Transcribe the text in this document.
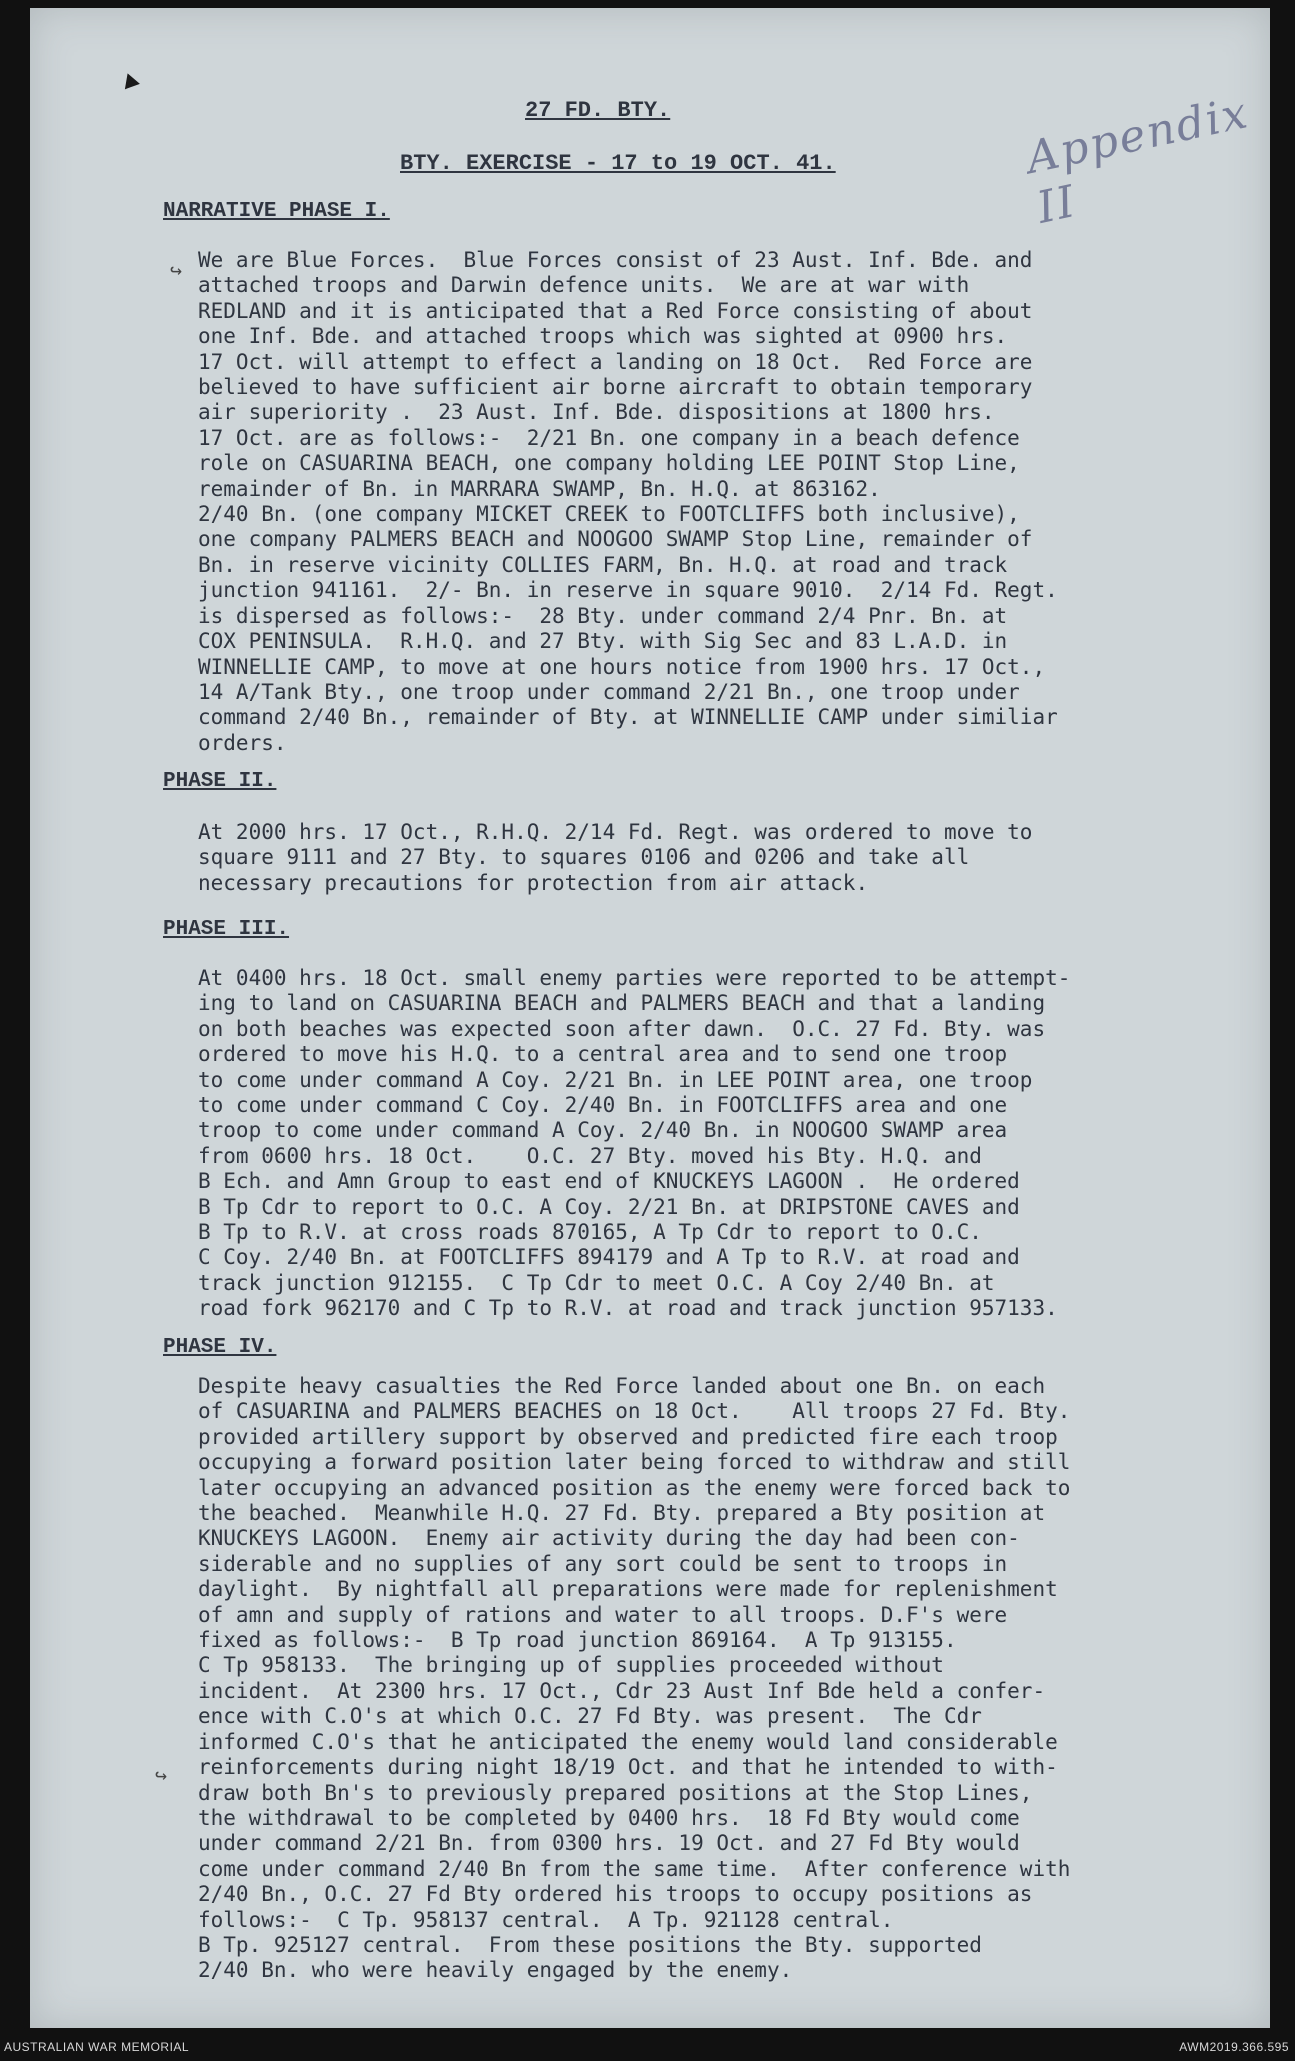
Appendix II
27 FD. BTY.
BTY. EXERCISE - 17 to 19 OCT. 41.
NARRATIVE PHASE I.
↪
We are Blue Forces.  Blue Forces consist of 23 Aust. Inf. Bde. and
attached troops and Darwin defence units.  We are at war with
REDLAND and it is anticipated that a Red Force consisting of about
one Inf. Bde. and attached troops which was sighted at 0900 hrs.
17 Oct. will attempt to effect a landing on 18 Oct.  Red Force are
believed to have sufficient air borne aircraft to obtain temporary
air superiority .  23 Aust. Inf. Bde. dispositions at 1800 hrs.
17 Oct. are as follows:-  2/21 Bn. one company in a beach defence
role on CASUARINA BEACH, one company holding LEE POINT Stop Line,
remainder of Bn. in MARRARA SWAMP, Bn. H.Q. at 863162.
2/40 Bn. (one company MICKET CREEK to FOOTCLIFFS both inclusive),
one company PALMERS BEACH and NOOGOO SWAMP Stop Line, remainder of
Bn. in reserve vicinity COLLIES FARM, Bn. H.Q. at road and track
junction 941161.  2/- Bn. in reserve in square 9010.  2/14 Fd. Regt.
is dispersed as follows:-  28 Bty. under command 2/4 Pnr. Bn. at
COX PENINSULA.  R.H.Q. and 27 Bty. with Sig Sec and 83 L.A.D. in
WINNELLIE CAMP, to move at one hours notice from 1900 hrs. 17 Oct.,
14 A/Tank Bty., one troop under command 2/21 Bn., one troop under
command 2/40 Bn., remainder of Bty. at WINNELLIE CAMP under similiar
orders.
PHASE II.
At 2000 hrs. 17 Oct., R.H.Q. 2/14 Fd. Regt. was ordered to move to
square 9111 and 27 Bty. to squares 0106 and 0206 and take all
necessary precautions for protection from air attack.
PHASE III.
At 0400 hrs. 18 Oct. small enemy parties were reported to be attempt-
ing to land on CASUARINA BEACH and PALMERS BEACH and that a landing
on both beaches was expected soon after dawn.  O.C. 27 Fd. Bty. was
ordered to move his H.Q. to a central area and to send one troop
to come under command A Coy. 2/21 Bn. in LEE POINT area, one troop
to come under command C Coy. 2/40 Bn. in FOOTCLIFFS area and one
troop to come under command A Coy. 2/40 Bn. in NOOGOO SWAMP area
from 0600 hrs. 18 Oct.    O.C. 27 Bty. moved his Bty. H.Q. and
B Ech. and Amn Group to east end of KNUCKEYS LAGOON .  He ordered
B Tp Cdr to report to O.C. A Coy. 2/21 Bn. at DRIPSTONE CAVES and
B Tp to R.V. at cross roads 870165, A Tp Cdr to report to O.C.
C Coy. 2/40 Bn. at FOOTCLIFFS 894179 and A Tp to R.V. at road and
track junction 912155.  C Tp Cdr to meet O.C. A Coy 2/40 Bn. at
road fork 962170 and C Tp to R.V. at road and track junction 957133.
PHASE IV.
↪
Despite heavy casualties the Red Force landed about one Bn. on each
of CASUARINA and PALMERS BEACHES on 18 Oct.    All troops 27 Fd. Bty.
provided artillery support by observed and predicted fire each troop
occupying a forward position later being forced to withdraw and still
later occupying an advanced position as the enemy were forced back to
the beached.  Meanwhile H.Q. 27 Fd. Bty. prepared a Bty position at
KNUCKEYS LAGOON.  Enemy air activity during the day had been con-
siderable and no supplies of any sort could be sent to troops in
daylight.  By nightfall all preparations were made for replenishment
of amn and supply of rations and water to all troops. D.F's were
fixed as follows:-  B Tp road junction 869164.  A Tp 913155.
C Tp 958133.  The bringing up of supplies proceeded without
incident.  At 2300 hrs. 17 Oct., Cdr 23 Aust Inf Bde held a confer-
ence with C.O's at which O.C. 27 Fd Bty. was present.  The Cdr
informed C.O's that he anticipated the enemy would land considerable
reinforcements during night 18/19 Oct. and that he intended to with-
draw both Bn's to previously prepared positions at the Stop Lines,
the withdrawal to be completed by 0400 hrs.  18 Fd Bty would come
under command 2/21 Bn. from 0300 hrs. 19 Oct. and 27 Fd Bty would
come under command 2/40 Bn from the same time.  After conference with
2/40 Bn., O.C. 27 Fd Bty ordered his troops to occupy positions as
follows:-  C Tp. 958137 central.  A Tp. 921128 central.
B Tp. 925127 central.  From these positions the Bty. supported
2/40 Bn. who were heavily engaged by the enemy.
AUSTRALIAN WAR MEMORIAL	AWM2019.366.595
